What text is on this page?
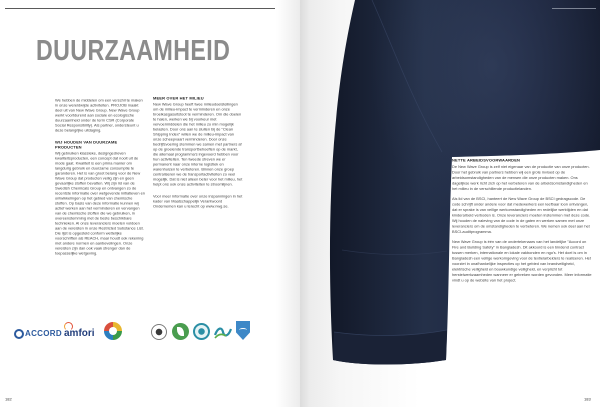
DUURZAAMHEID

We hebben de middelen om een verschil te maken in onze wereldwijde activiteiten. PROJOB maakt deel uit van New Wave Group. New Wave Group werkt voortdurend aan sociale en ecologische duurzaamheid onder de term CSR (Corporate Social Responsibility). Als partner, ondersteunt u deze belangrijke uitdaging.

WIJ HOUDEN VAN DUURZAME PRODUCTEN

Wij gebruiken klassieke, designgedreven kwaliteitsproducten, een concept dat nooit uit de mode gaat. Kwaliteit is een prima manier om langdurig gebruik en duurzame consumptie te garanderen. Het is van groot belang voor de New Wave Group dat producten veilig zijn en geen gevaarlijke stoffen bevatten. Wij zijn lid van de Swedish Chemicals Group en ontvangen zo de recentste informatie over wetgevende initiatieven en ontwikkelingen op het gebied van chemische stoffen. Op basis van deze informatie kunnen wij actief werken aan het verminderen en vervangen van de chemische stoffen die we gebruiken, in overeenstemming met de beste beschikbare technieken. Al onze leveranciers moeten voldoen aan de vereisten in onze Restricted Substance List. Die lijst is opgesteld conform wettelijke voorschriften als REACH, maar houdt ook rekening met andere normen en aanbevelingen. Onze vereisten zijn dan ook vaak strenger dan de toepasselijke wetgeving.

MEER OVER HET MILIEU

New Wave Group heeft twee milieudoelstellingen om de milieu-impact te verminderen en onze broeikasgasuitstoot te verminderen. Om die doelen te halen, werken we bij voorkeur met vervoermiddelen die het milieu zo min mogelijk belasten. Door ons aan te sluiten bij de "Clean Shipping Index" willen we de milieu-impact van onze scheepvaart verminderen. Door onze bedrijfsvoering stemmen we samen met partners af op de groeiende transportbehoeften op de markt, die allemaal programma's ingevoerd hebben voor hun activiteiten. Ten tweede streven we er permanent naar onze interne logistiek en warenhuizen te verbeteren. Binnen onze groep centraliseren we de transportactiviteiten zo veel mogelijk. Dat is niet alleen beter voor het milieu, het helpt ons ook onze activiteiten te stroomlijnen.

Voor meer informatie over onze inspanningen in het kader van Maatschappelijk Verantwoord Ondernemen kan u terecht op www.nwg.se.

ACCORD amfori
182
NETTE ARBEIDSVOORWAARDEN

De New Wave Group is zelf niet eigenaar van de productie van onze producten. Door het gebruik van partners hebben wij een grote invloed op de arbeidsomstandigheden van de mensen die onze producten maken. Ons dagelijkse werk richt zich op het verbeteren van de arbeidsomstandigheden en het milieu in de verschillende productielanden.

Als lid van de BSCI, hanteert de New Wave Group de BSCI gedragscode. De code schrijft onder andere voor dat medewerkers een leefbaar loon ontvangen, dat er sprake is van veilige werkomstandigheden en redelijke werktijden en dat kinderarbeid verboden is. Onze leveranciers moeten instemmen met deze code. Wij houden de naleving van de code in de gaten en werken samen met onze leveranciers om de omstandigheden te verbeteren. We nemen ook deel aan het BSCI-auditprogramma.

New Wave Group is één van de ondertekenaars van het landelijke "Accord on Fire and Building Safety" in Bangladesh. Dit akkoord is een bindend contract tussen merken, internationale en lokale vakbonden en ngo's. Het doel is om in Bangladesh een veilige werkomgeving voor de textielarbeiders te realiseren. Het voorziet in onafhankelijke inspecties op het gebied van brandveiligheid, elektrische veiligheid en bouwkundige veiligheid, en verplicht tot herstelwerkzaamheden wanneer er gebreken worden gevonden. Meer informatie vindt u op de website van het project.

183
